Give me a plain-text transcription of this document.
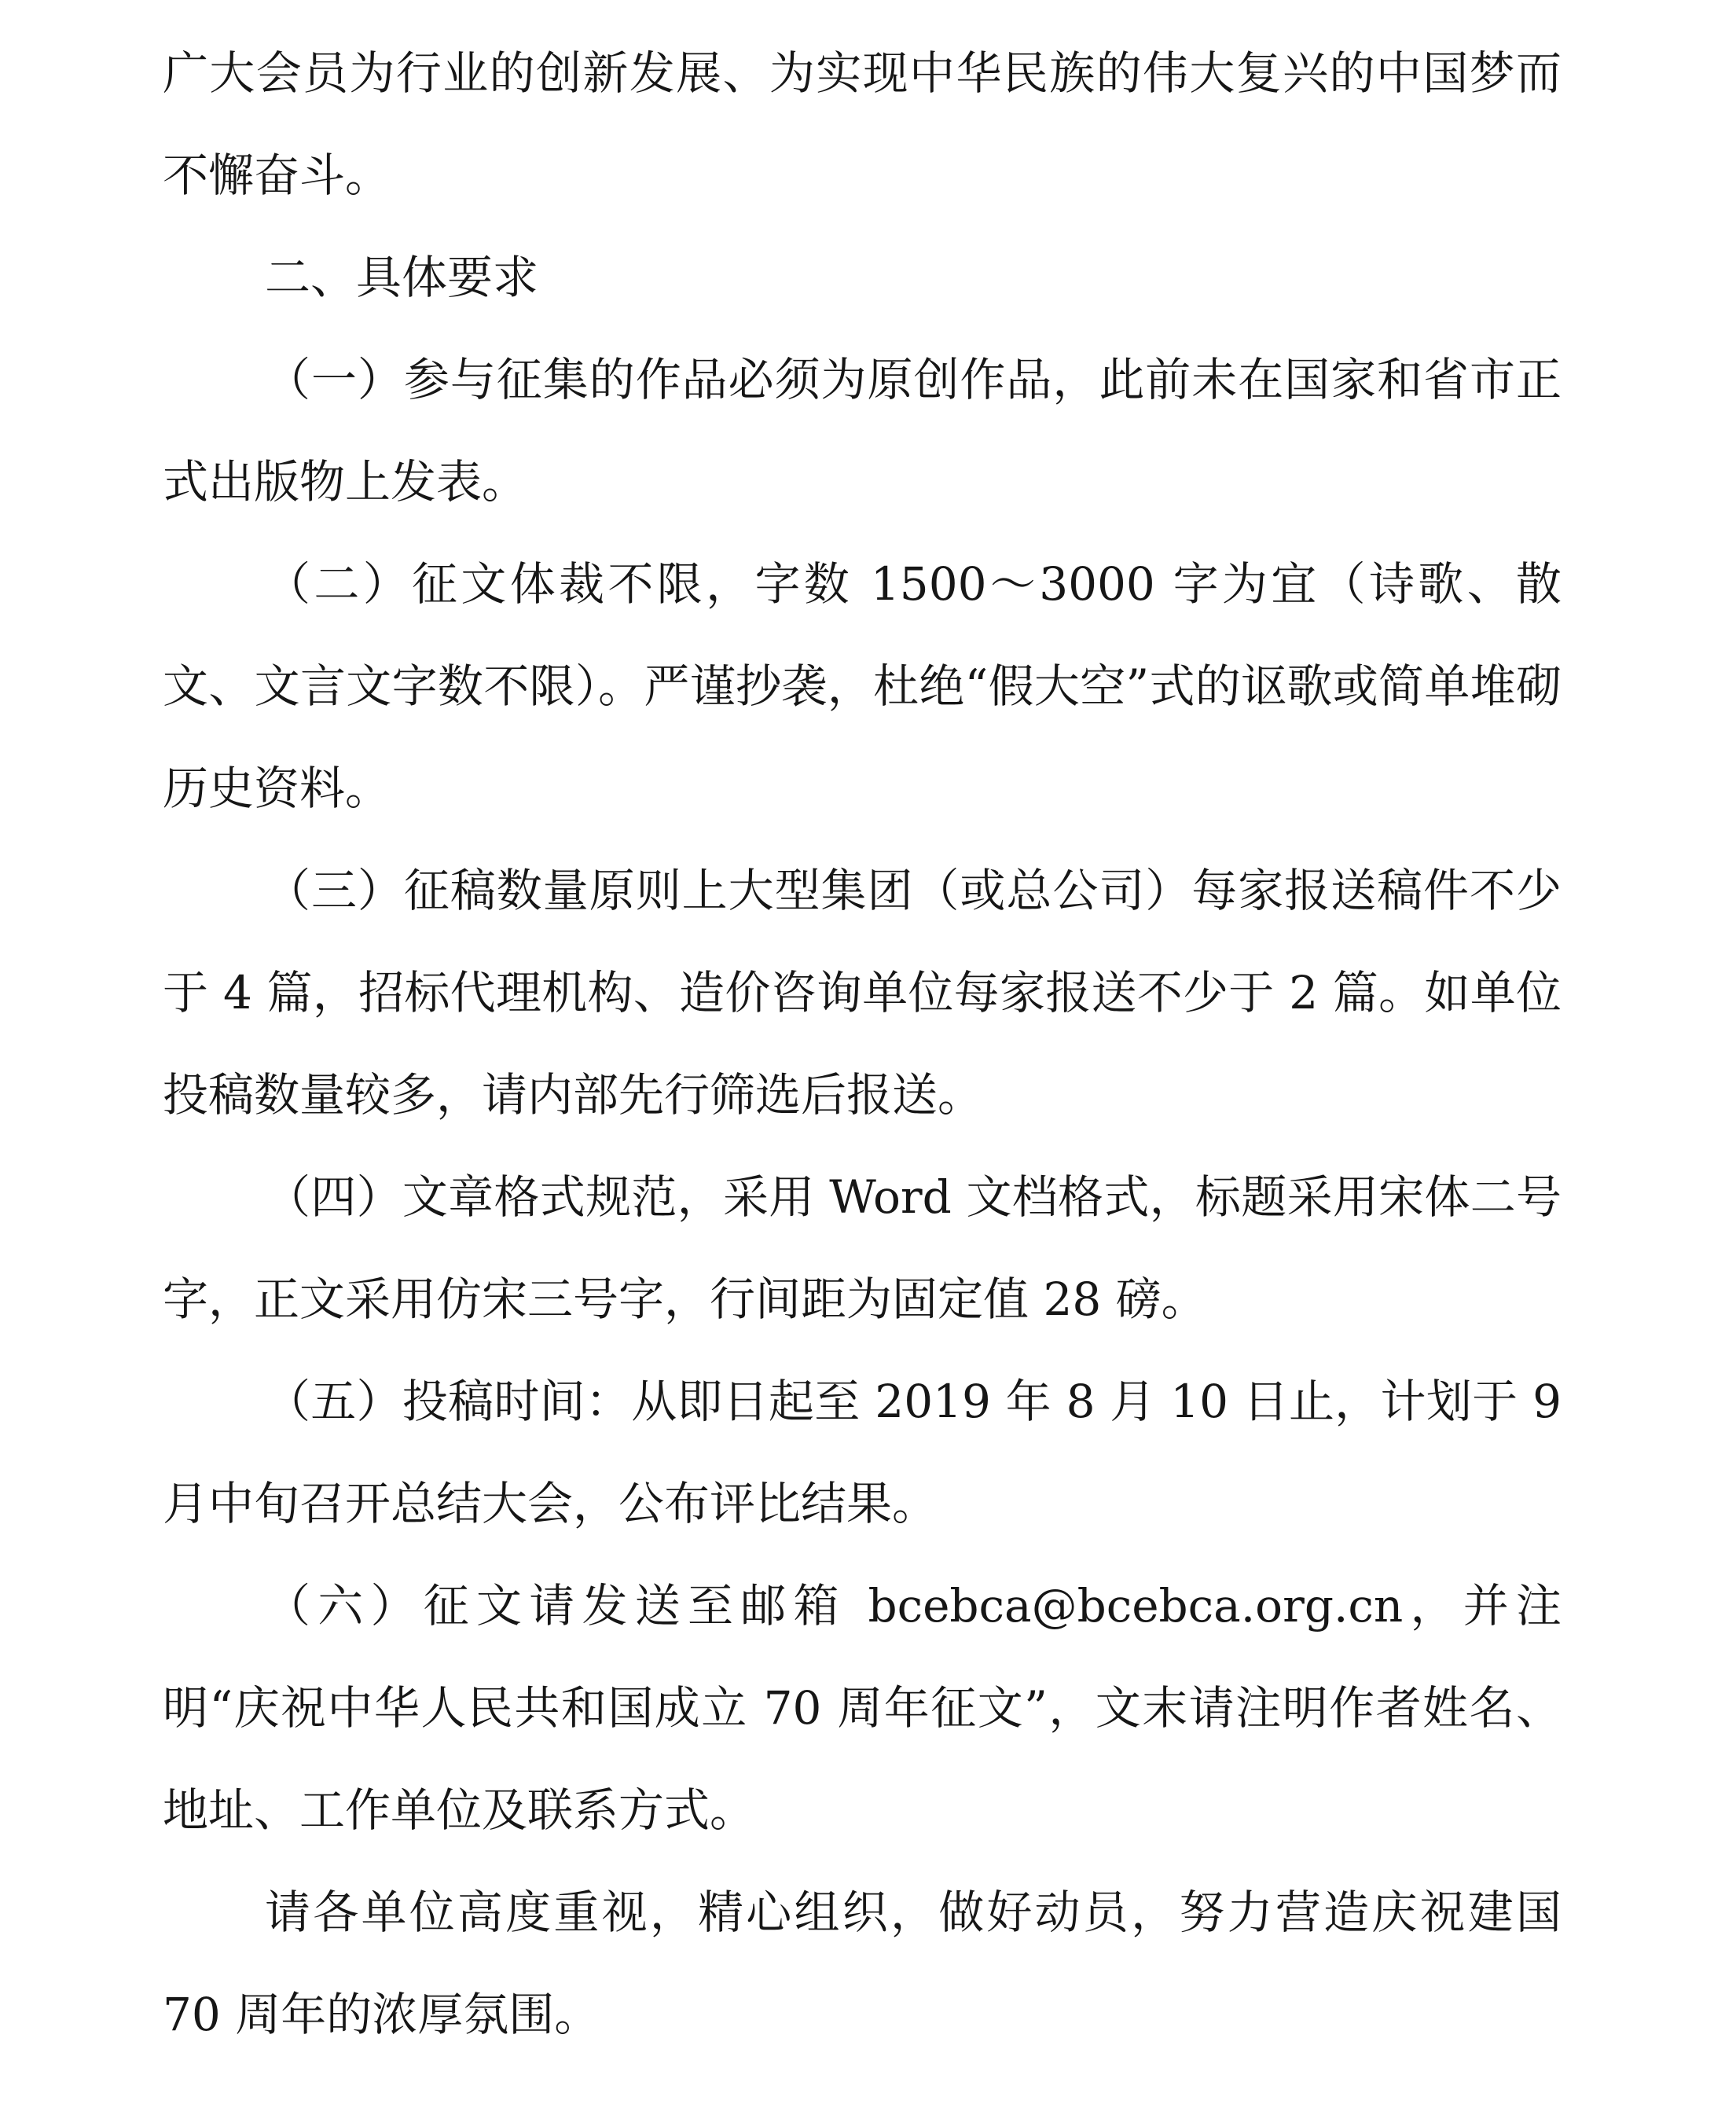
广大会员为行业的创新发展、为实现中华民族的伟大复兴的中国梦而不懈奋斗。

二、具体要求

（一）参与征集的作品必须为原创作品，此前未在国家和省市正式出版物上发表。

（二）征文体裁不限，字数 1500～3000 字为宜（诗歌、散文、文言文字数不限）。严谨抄袭，杜绝“假大空”式的讴歌或简单堆砌历史资料。

（三）征稿数量原则上大型集团（或总公司）每家报送稿件不少于 4 篇，招标代理机构、造价咨询单位每家报送不少于 2 篇。如单位投稿数量较多，请内部先行筛选后报送。

（四）文章格式规范，采用 Word 文档格式，标题采用宋体二号字，正文采用仿宋三号字，行间距为固定值 28 磅。

（五）投稿时间：从即日起至 2019 年 8 月 10 日止，计划于 9 月中旬召开总结大会，公布评比结果。

（六）征文请发送至邮箱 bcebca@bcebca.org.cn，并注明“庆祝中华人民共和国成立 70 周年征文”，文末请注明作者姓名、地址、工作单位及联系方式。

请各单位高度重视，精心组织，做好动员，努力营造庆祝建国 70 周年的浓厚氛围。
